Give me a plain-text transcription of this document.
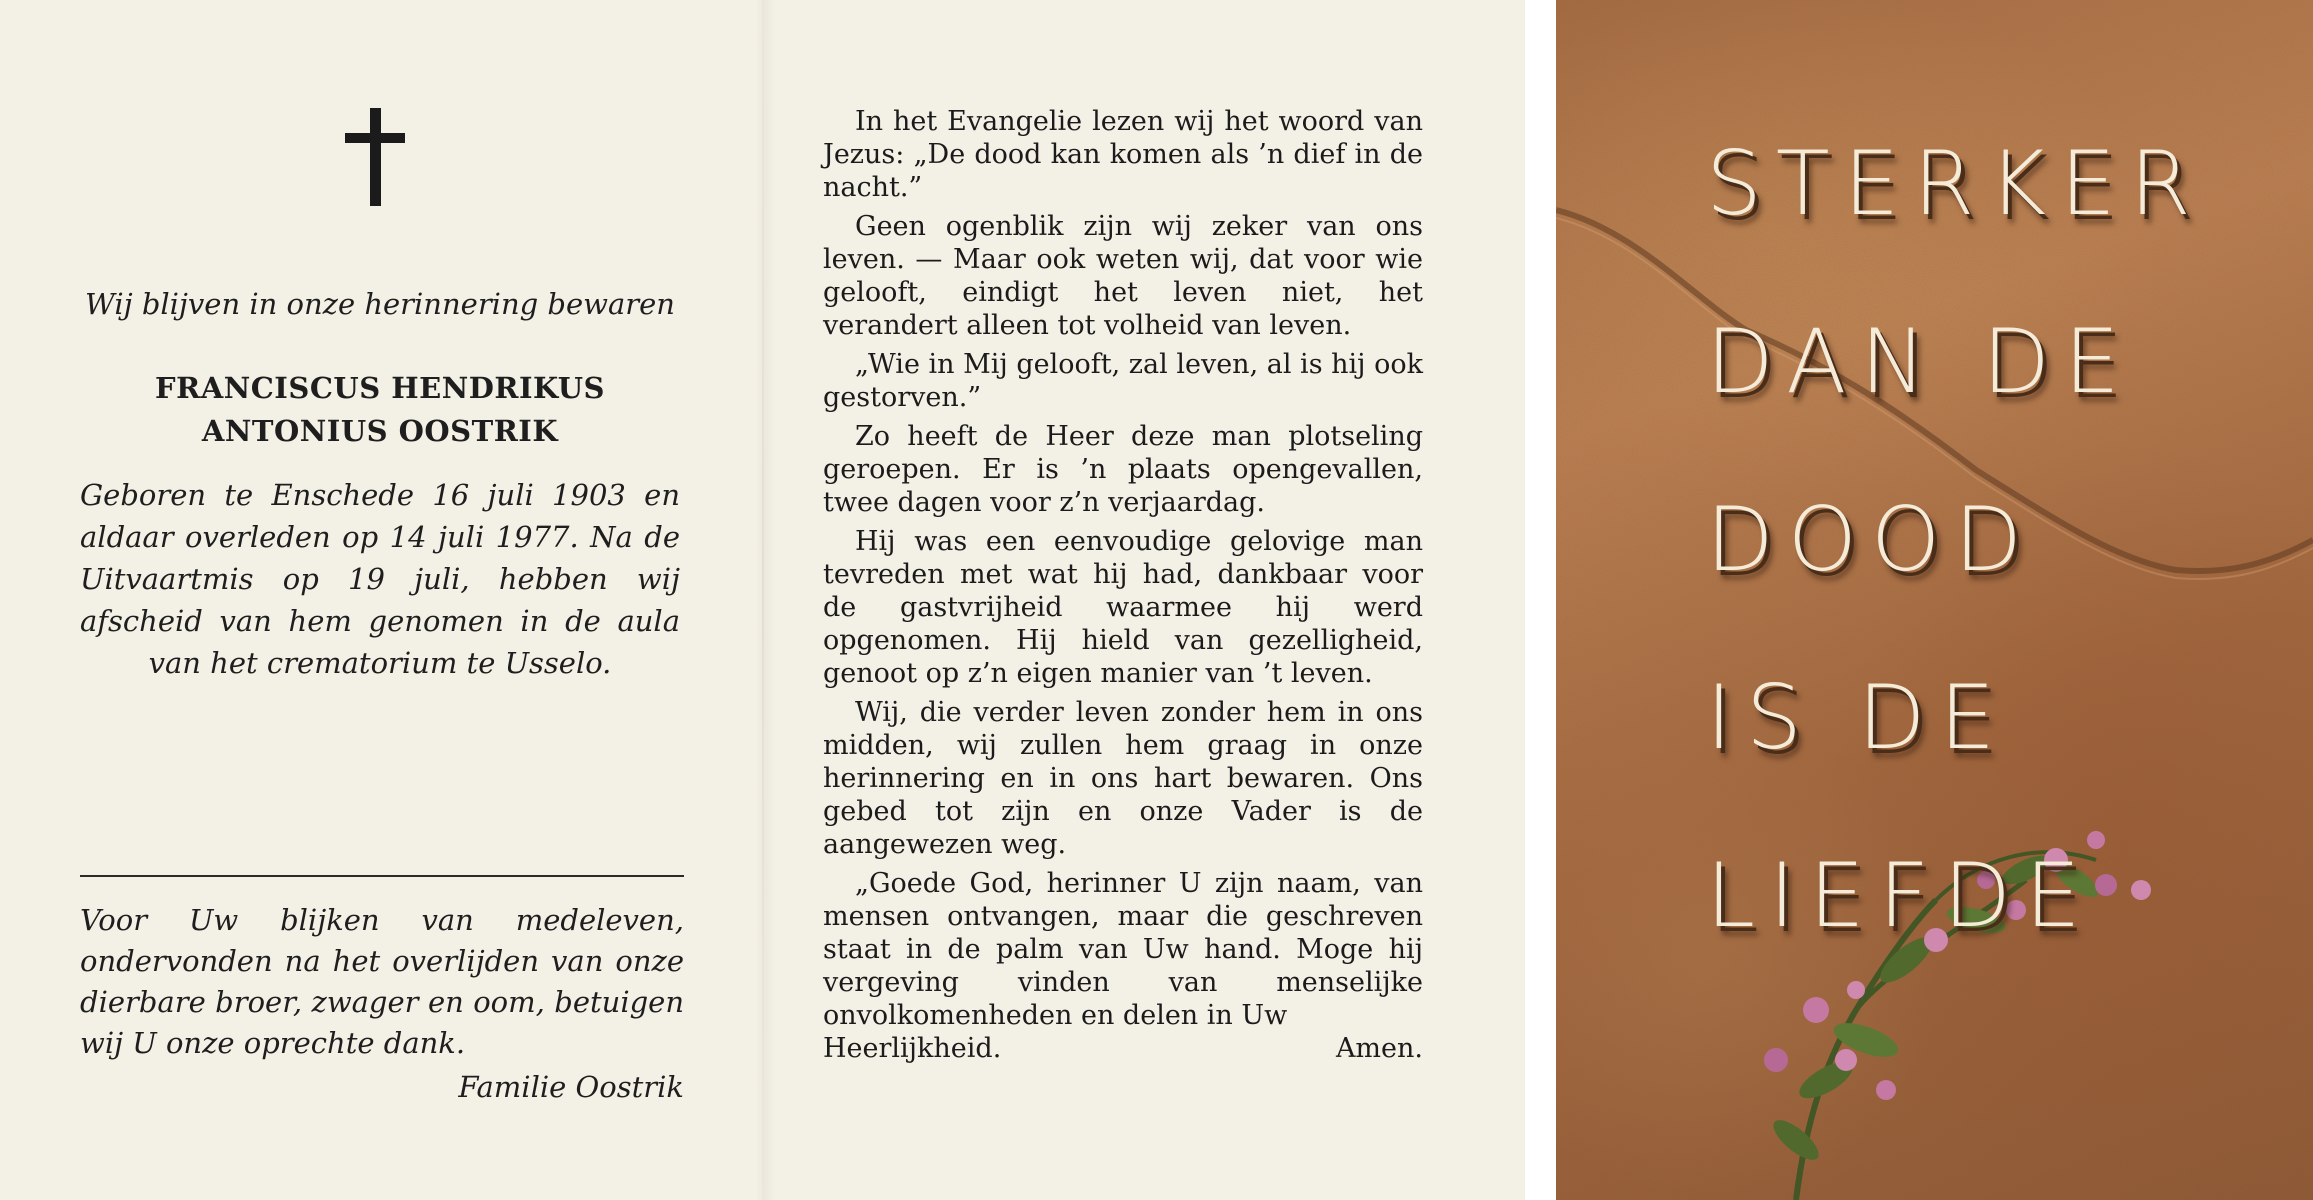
Wij blijven in onze herinnering bewaren
FRANCISCUS HENDRIKUS
ANTONIUS OOSTRIK
Geboren te Enschede 16 juli 1903 en aldaar overleden op 14 juli 1977. Na de Uitvaartmis op 19 juli, hebben wij afscheid van hem genomen in de aula van het crematorium te Usselo.
Voor Uw blijken van medeleven, ondervonden na het overlijden van onze dierbare broer, zwager en oom, betuigen wij U onze oprechte dank.
Familie Oostrik

In het Evangelie lezen wij het woord van Jezus: „De dood kan komen als ’n dief in de nacht.”

Geen ogenblik zijn wij zeker van ons leven. — Maar ook weten wij, dat voor wie gelooft, eindigt het leven niet, het verandert alleen tot volheid van leven.

„Wie in Mij gelooft, zal leven, al is hij ook gestorven.”

Zo heeft de Heer deze man plotseling geroepen. Er is ’n plaats opengevallen, twee dagen voor z’n verjaardag.

Hij was een eenvoudige gelovige man tevreden met wat hij had, dankbaar voor de gastvrijheid waarmee hij werd opgenomen. Hij hield van gezelligheid, genoot op z’n eigen manier van ’t leven.

Wij, die verder leven zonder hem in ons midden, wij zullen hem graag in onze herinnering en in ons hart bewaren. Ons gebed tot zijn en onze Vader is de aangewezen weg.

„Goede God, herinner U zijn naam, van mensen ontvangen, maar die geschreven staat in de palm van Uw hand. Moge hij vergeving vinden van menselijke onvolkomenheden en delen in Uw

Heerlijkheid.	Amen.
STERKER
DAN DE
DOOD
IS DE
LIEFDE
